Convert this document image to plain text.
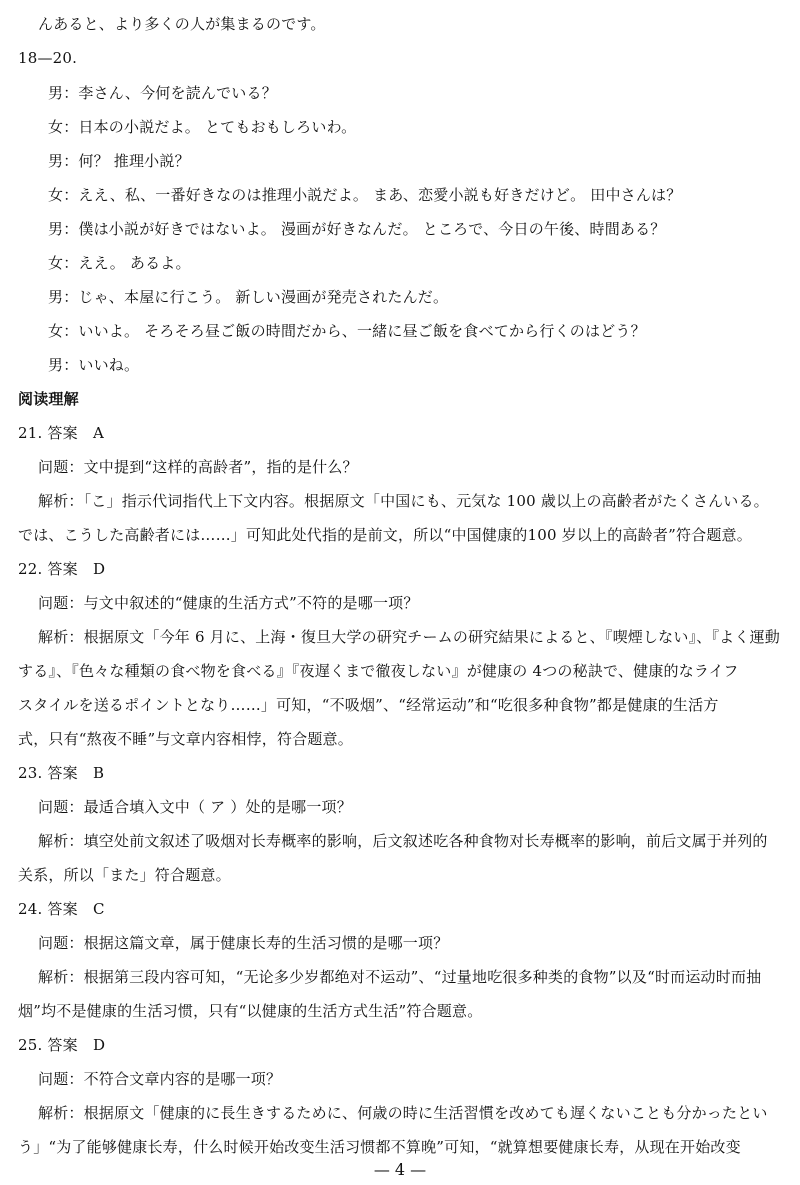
んあると、より多くの人が集まるのです。
18—20.
男：李さん、今何を読んでいる？
女：日本の小説だよ。 とてもおもしろいわ。
男：何？ 推理小説？
女：ええ、私、一番好きなのは推理小説だよ。 まあ、恋愛小説も好きだけど。 田中さんは？
男：僕は小説が好きではないよ。 漫画が好きなんだ。 ところで、今日の午後、時間ある？
女：ええ。 あるよ。
男：じゃ、本屋に行こう。 新しい漫画が発売されたんだ。
女：いいよ。 そろそろ昼ご飯の時間だから、一緒に昼ご飯を食べてから行くのはどう？
男：いいね。
阅读理解
21. 答案　A
问题：文中提到“这样的高龄者”，指的是什么？
解析：「こ」指示代词指代上下文内容。根据原文「中国にも、元気な 100 歳以上の高齢者がたくさんいる。
では、こうした高齢者には……」可知此处代指的是前文，所以“中国健康的100 岁以上的高龄者”符合题意。
22. 答案　D
问题：与文中叙述的“健康的生活方式”不符的是哪一项？
解析：根据原文「今年 6 月に、上海・復旦大学の研究チームの研究結果によると、『喫煙しない』、『よく運動
する』、『色々な種類の食べ物を食べる』『夜遅くまで徹夜しない』が健康の 4つの秘訣で、健康的なライフ
スタイルを送るポイントとなり……」可知，“不吸烟”、“经常运动”和“吃很多种食物”都是健康的生活方
式，只有“熬夜不睡”与文章内容相悖，符合题意。
23. 答案　B
问题：最适合填入文中（ ア ）处的是哪一项？
解析：填空处前文叙述了吸烟对长寿概率的影响，后文叙述吃各种食物对长寿概率的影响，前后文属于并列的
关系，所以「また」符合题意。
24. 答案　C
问题：根据这篇文章，属于健康长寿的生活习惯的是哪一项？
解析：根据第三段内容可知，“无论多少岁都绝对不运动”、“过量地吃很多种类的食物”以及“时而运动时而抽
烟”均不是健康的生活习惯，只有“以健康的生活方式生活”符合题意。
25. 答案　D
问题：不符合文章内容的是哪一项？
解析：根据原文「健康的に長生きするために、何歳の時に生活習慣を改めても遅くないことも分かったとい
う」“为了能够健康长寿，什么时候开始改变生活习惯都不算晚”可知，“就算想要健康长寿，从现在开始改变
— 4 —
